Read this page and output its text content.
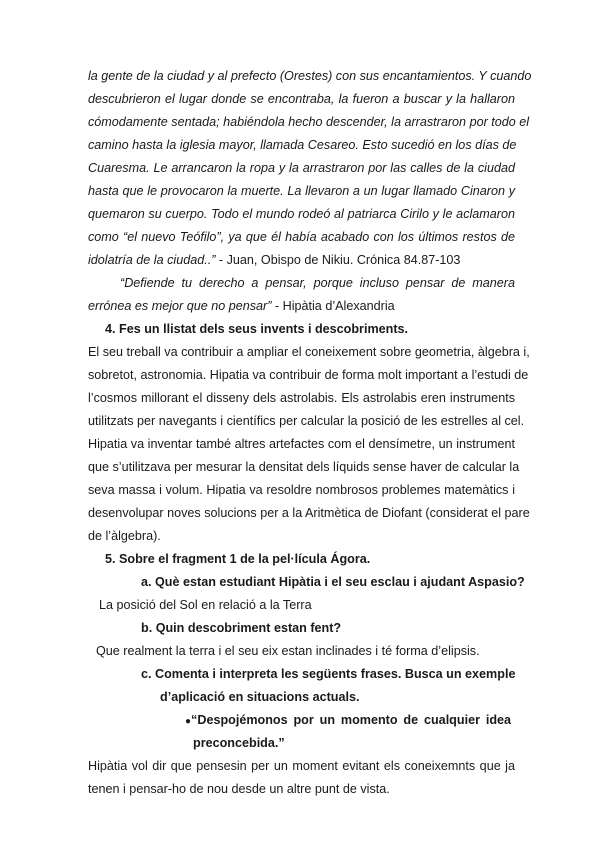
la gente de la ciudad y al prefecto (Orestes) con sus encantamientos. Y cuando
descubrieron el lugar donde se encontraba, la fueron a buscar y la hallaron
cómodamente sentada; habiéndola hecho descender, la arrastraron por todo el
camino hasta la iglesia mayor, llamada Cesareo. Esto sucedió en los días de
Cuaresma. Le arrancaron la ropa y la arrastraron por las calles de la ciudad
hasta que le provocaron la muerte. La llevaron a un lugar llamado Cinaron y
quemaron su cuerpo. Todo el mundo rodeó al patriarca Cirilo y le aclamaron
como “el nuevo Teófilo”, ya que él había acabado con los últimos restos de
idolatría de la ciudad..” - Juan, Obispo de Nikiu. Crónica 84.87-103
“Defiende tu derecho a pensar, porque incluso pensar de manera
errónea es mejor que no pensar” - Hipàtia d’Alexandria
4. Fes un llistat dels seus invents i descobriments.
El seu treball va contribuir a ampliar el coneixement sobre geometria, àlgebra i,
sobretot, astronomia. Hipatia va contribuir de forma molt important a l’estudi de
l’cosmos millorant el disseny dels astrolabis. Els astrolabis eren instruments
utilitzats per navegants i científics per calcular la posició de les estrelles al cel.
Hipatia va inventar també altres artefactes com el densímetre, un instrument
que s’utilitzava per mesurar la densitat dels líquids sense haver de calcular la
seva massa i volum. Hipatia va resoldre nombrosos problemes matemàtics i
desenvolupar noves solucions per a la Aritmètica de Diofant (considerat el pare
de l’àlgebra).
5. Sobre el fragment 1 de la pel·lícula Ágora.
a. Què estan estudiant Hipàtia i el seu esclau i ajudant Aspasio?
La posició del Sol en relació a la Terra
b. Quin descobriment estan fent?
Que realment la terra i el seu eix estan inclinades i té forma d’elipsis.
c. Comenta i interpreta les següents frases. Busca un exemple
d’aplicació en situacions actuals.
●“Despojémonos por un momento de cualquier idea
preconcebida.”
Hipàtia vol dir que pensesin per un moment evitant els coneixemnts que ja
tenen i pensar-ho de nou desde un altre punt de vista.
